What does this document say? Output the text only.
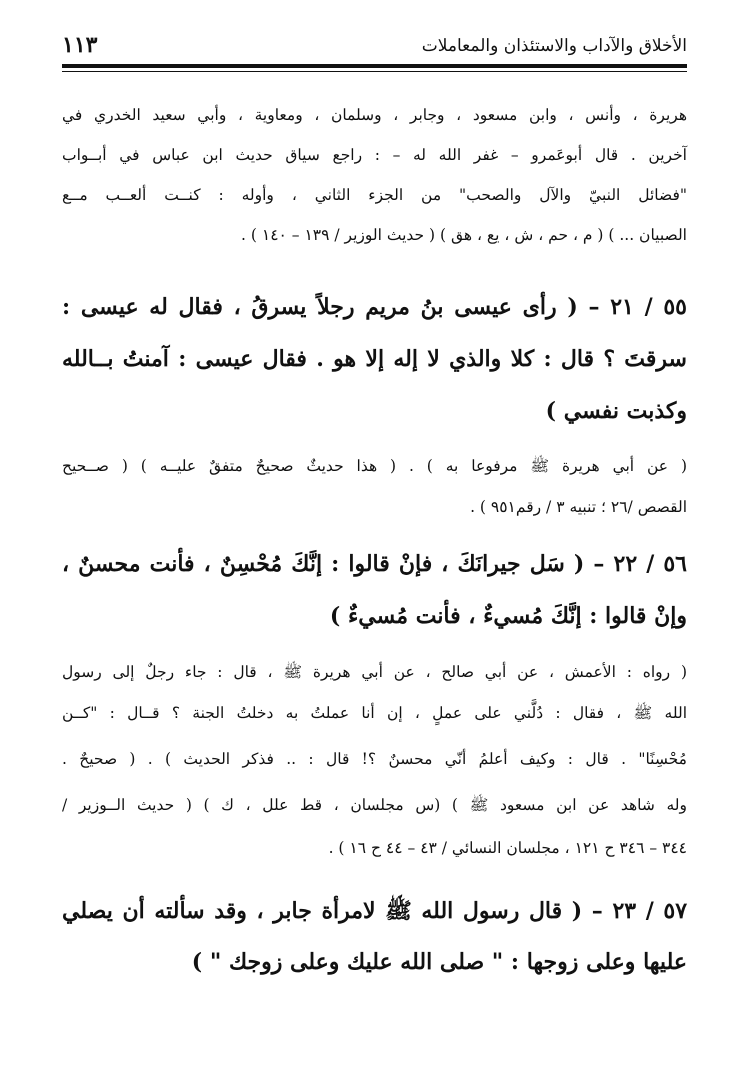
الأخلاق والآداب والاستئذان والمعاملات
١١٣
هريرة ، وأنس ، وابن مسعود ، وجابر ، وسلمان ، ومعاوية ، وأبي سعيد الخدري في
آخرين . قال أبوعَمرو – غفر الله له – : راجع سياق حديث ابن عباس في أبــواب
"فضائل النبيّ والآل والصحب" من الجزء الثاني ، وأوله : كنــت ألعــب مــع
الصبيان ... ) ( م ، حم ، ش ، يع ، هق ) ( حديث الوزير / ١٣٩ – ١٤٠ ) .
٥٥ / ٢١ – ( رأى عيسى بنُ مريم رجلاً يسرقُ ، فقال له عيسى :
سرقتَ ؟ قال : كلا والذي لا إله إلا هو . فقال عيسى : آمنتُ بــالله
وكذبت نفسي )
( عن أبي هريرة ﷺ مرفوعا به ) . ( هذا حديثٌ صحيحٌ متفقٌ عليــه ) ( صــحيح
القصص /٢٦ ؛ تنبيه ٣ / رقم٩٥١ ) .
٥٦ / ٢٢ – ( سَل جيرانَكَ ، فإنْ قالوا : إنَّكَ مُحْسِنٌ ، فأنت محسنٌ ،
وإنْ قالوا : إنَّكَ مُسيءٌ ، فأنت مُسيءٌ )
( رواه : الأعمش ، عن أبي صالح ، عن أبي هريرة ﷺ ، قال : جاء رجلٌ إلى رسول
الله ﷺ ، فقال : دُلَّني على عملٍ ، إن أنا عملتُ به دخلتُ الجنة ؟ قــال : "كــن
مُحْسِنًا" . قال : وكيف أعلمُ أنّي محسنٌ ؟! قال : .. فذكر الحديث ) . ( صحيحٌ .
وله شاهد عن ابن مسعود ﷺ ) (س مجلسان ، قط علل ، ك ) ( حديث الــوزير /
٣٤٤ – ٣٤٦ ح ١٢١ ، مجلسان النسائي / ٤٣ – ٤٤ ح ١٦ ) .
٥٧ / ٢٣ – ( قال رسول الله ﷺ لامرأة جابر ، وقد سألته أن يصلي
عليها وعلى زوجها : " صلى الله عليك وعلى زوجك " )
